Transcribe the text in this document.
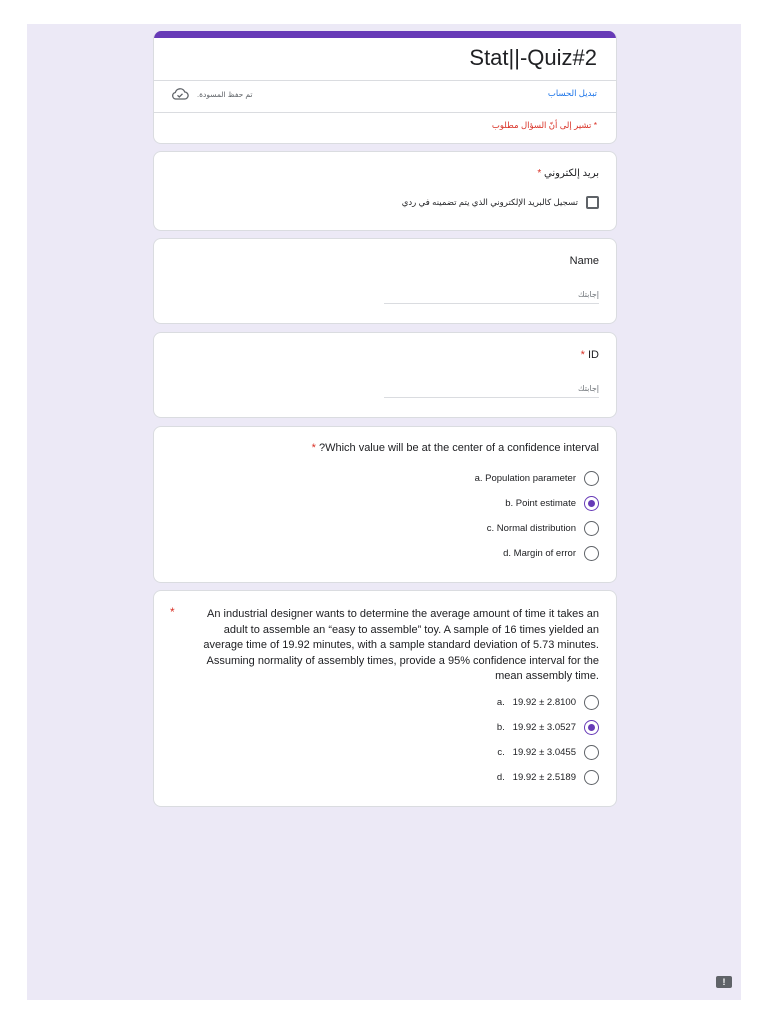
Stat||-Quiz#2
تبديل الحساب
تم حفظ المسودة.
* تشير إلى أنّ السؤال مطلوب
بريد إلكتروني *
تسجيل كالبريد الإلكتروني الذي يتم تضمينه في ردي
Name
إجابتك
* ID
إجابتك
* ?Which value will be at the center of a confidence interval
a. Population parameter
b. Point estimate
c. Normal distribution
d. Margin of error
*	An industrial designer wants to determine the average amount of time it takes an adult to assemble an “easy to assemble” toy. A sample of 16 times yielded an average time of 19.92 minutes, with a sample standard deviation of 5.73 minutes. Assuming normality of assembly times, provide a 95% confidence interval for the mean assembly time.
a.   19.92 ± 2.8100
b.   19.92 ± 3.0527
c.   19.92 ± 3.0455
d.   19.92 ± 2.5189
!
